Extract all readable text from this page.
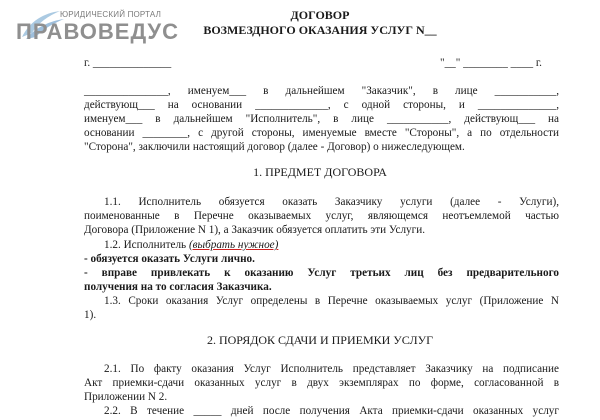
ЮРИДИЧЕСКИЙ ПОРТАЛ
ПРАВОВЕДУС
ДОГОВОР
ВОЗМЕЗДНОГО ОКАЗАНИЯ УСЛУГ N__
г. ______________	"__" ________ ____ г.
_______________, именуем___ в дальнейшем "Заказчик", в лице ___________,
действующ___ на основании _____________, с одной стороны, и ______________,
именуем___ в дальнейшем "Исполнитель", в лице ___________, действующ___ на
основании ________, с другой стороны, именуемые вместе "Стороны", а по отдельности
"Сторона", заключили настоящий договор (далее - Договор) о нижеследующем.
1. ПРЕДМЕТ ДОГОВОРА
1.1. Исполнитель обязуется оказать Заказчику услуги (далее - Услуги),
поименованные в Перечне оказываемых услуг, являющемся неотъемлемой частью
Договора (Приложение N 1), а Заказчик обязуется оплатить эти Услуги.
1.2. Исполнитель (выбрать нужное)
- обязуется оказать Услуги лично.
- вправе привлекать к оказанию Услуг третьих лиц без предварительного
получения на то согласия Заказчика.
1.3. Сроки оказания Услуг определены в Перечне оказываемых услуг (Приложение N
1).
2. ПОРЯДОК СДАЧИ И ПРИЕМКИ УСЛУГ
2.1. По факту оказания Услуг Исполнитель представляет Заказчику на подписание
Акт приемки-сдачи оказанных услуг в двух экземплярах по форме, согласованной в
Приложении N 2.
2.2. В течение _____ дней после получения Акта приемки-сдачи оказанных услуг
